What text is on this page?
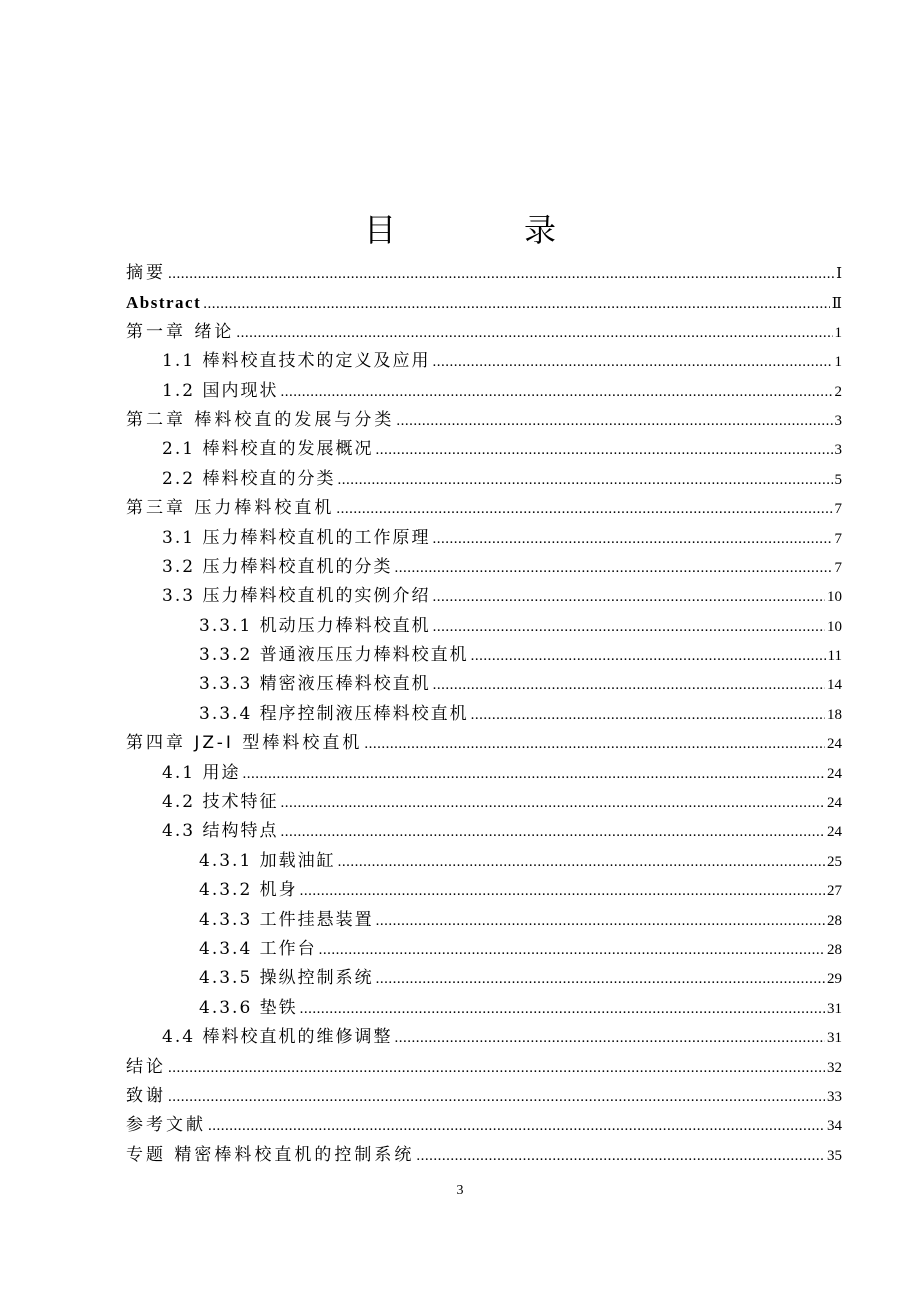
目　录
摘要 .....	Ⅰ
Abstract .....	Ⅱ
第一章 绪论 .....	1
1.1 棒料校直技术的定义及应用 .....	1
1.2 国内现状 .....	2
第二章 棒料校直的发展与分类 .....	3
2.1 棒料校直的发展概况 .....	3
2.2 棒料校直的分类 .....	5
第三章 压力棒料校直机 .....	7
3.1 压力棒料校直机的工作原理 .....	7
3.2 压力棒料校直机的分类 .....	7
3.3 压力棒料校直机的实例介绍 .....	10
3.3.1 机动压力棒料校直机 .....	10
3.3.2 普通液压压力棒料校直机 .....	11
3.3.3 精密液压棒料校直机 .....	14
3.3.4 程序控制液压棒料校直机 .....	18
第四章 JZ-I 型棒料校直机 .....	24
4.1 用途 .....	24
4.2 技术特征 .....	24
4.3 结构特点 .....	24
4.3.1 加载油缸 .....	25
4.3.2 机身 .....	27
4.3.3 工件挂悬装置 .....	28
4.3.4 工作台 .....	28
4.3.5 操纵控制系统 .....	29
4.3.6 垫铁 .....	31
4.4 棒料校直机的维修调整 .....	31
结论 .....	32
致谢 .....	33
参考文献 .....	34
专题 精密棒料校直机的控制系统 .....	35
3
